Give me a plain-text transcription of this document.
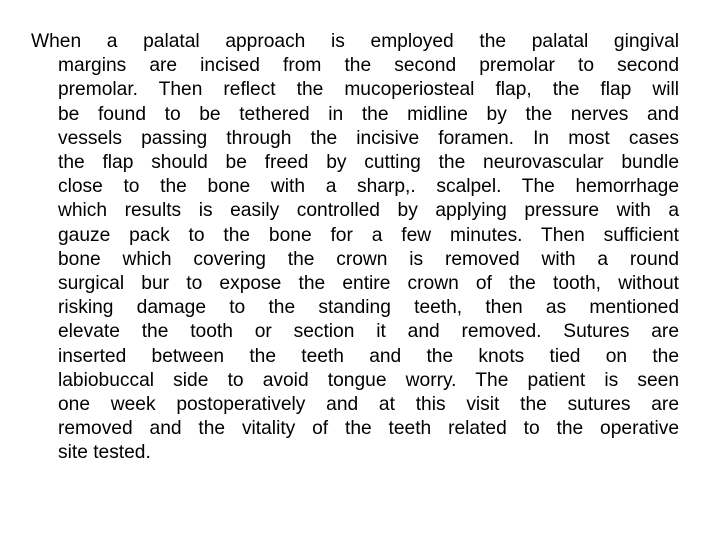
When a palatal approach is employed the palatal gingival
margins are incised from the second premolar to second
premolar. Then reflect the mucoperiosteal flap, the flap will
be found to be tethered in the midline by the nerves and
vessels passing through the incisive foramen. In most cases
the flap should be freed by cutting the neurovascular bundle
close to the bone with a sharp,. scalpel. The hemorrhage
which results is easily controlled by applying pressure with a
gauze pack to the bone for a few minutes. Then sufficient
bone which covering the crown is removed with a round
surgical bur to expose the entire crown of the tooth, without
risking damage to the standing teeth, then as mentioned
elevate the tooth or section it and removed. Sutures are
inserted between the teeth and the knots tied on the
labiobuccal side to avoid tongue worry. The patient is seen
one week postoperatively and at this visit the sutures are
removed and the vitality of the teeth related to the operative
site tested.
